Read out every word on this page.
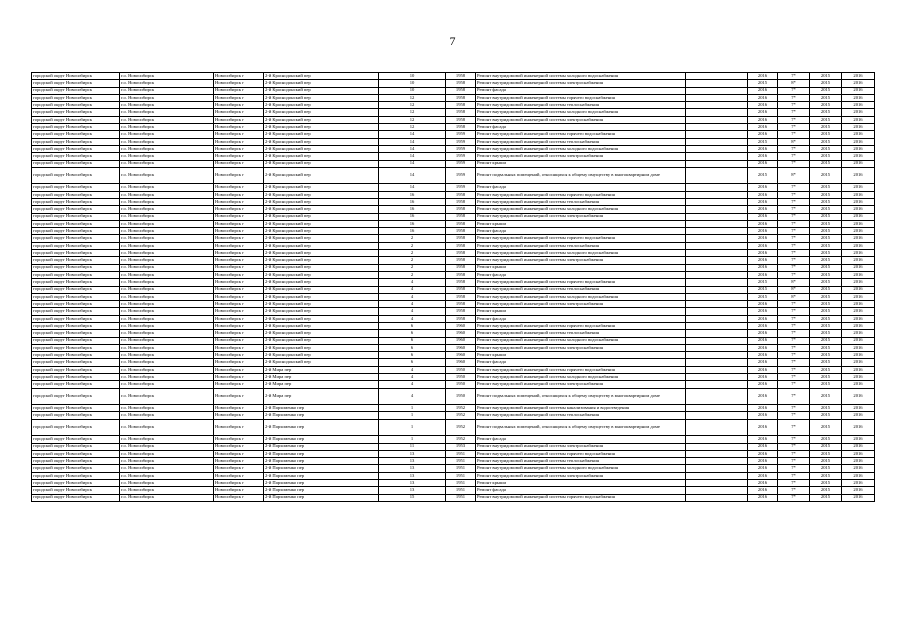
7
городской округ Новосибирск	г.о. Новосибирск	Новосибирск г	2-й Краснодонский пер	10	1958	Ремонт внутридомовой инженерной системы холодного водоснабжения		2016	7*	2015	2016
городской округ Новосибирск	г.о. Новосибирск	Новосибирск г	2-й Краснодонский пер	10	1958	Ремонт внутридомовой инженерной системы электроснабжения		2015	8*	2015	2016
городской округ Новосибирск	г.о. Новосибирск	Новосибирск г	2-й Краснодонский пер	10	1958	Ремонт фасада		2016	7*	2015	2016
городской округ Новосибирск	г.о. Новосибирск	Новосибирск г	2-й Краснодонский пер	12	1958	Ремонт внутридомовой инженерной системы горячего водоснабжения		2016	7*	2015	2016
городской округ Новосибирск	г.о. Новосибирск	Новосибирск г	2-й Краснодонский пер	12	1958	Ремонт внутридомовой инженерной системы теплоснабжения		2016	7*	2015	2016
городской округ Новосибирск	г.о. Новосибирск	Новосибирск г	2-й Краснодонский пер	12	1958	Ремонт внутридомовой инженерной системы холодного водоснабжения		2016	7*	2015	2016
городской округ Новосибирск	г.о. Новосибирск	Новосибирск г	2-й Краснодонский пер	12	1958	Ремонт внутридомовой инженерной системы электроснабжения		2016	7*	2015	2016
городской округ Новосибирск	г.о. Новосибирск	Новосибирск г	2-й Краснодонский пер	12	1958	Ремонт фасада		2016	7*	2015	2016
городской округ Новосибирск	г.о. Новосибирск	Новосибирск г	2-й Краснодонский пер	14	1959	Ремонт внутридомовой инженерной системы горячего водоснабжения		2016	7*	2015	2016
городской округ Новосибирск	г.о. Новосибирск	Новосибирск г	2-й Краснодонский пер	14	1959	Ремонт внутридомовой инженерной системы теплоснабжения		2015	8*	2015	2016
городской округ Новосибирск	г.о. Новосибирск	Новосибирск г	2-й Краснодонский пер	14	1959	Ремонт внутридомовой инженерной системы холодного водоснабжения		2016	7*	2015	2016
городской округ Новосибирск	г.о. Новосибирск	Новосибирск г	2-й Краснодонский пер	14	1959	Ремонт внутридомовой инженерной системы электроснабжения		2016	7*	2015	2016
городской округ Новосибирск	г.о. Новосибирск	Новосибирск г	2-й Краснодонский пер	14	1959	Ремонт крыши		2016	7*	2015	2016
городской округ Новосибирск	г.о. Новосибирск	Новосибирск г	2-й Краснодонский пер	14	1959	Ремонт подвальных помещений, относящихся к общему имуществу в многоквартирном доме		2015	8*	2015	2016
городской округ Новосибирск	г.о. Новосибирск	Новосибирск г	2-й Краснодонский пер	14	1959	Ремонт фасада		2016	7*	2015	2016
городской округ Новосибирск	г.о. Новосибирск	Новосибирск г	2-й Краснодонский пер	16	1958	Ремонт внутридомовой инженерной системы горячего водоснабжения		2016	7*	2015	2016
городской округ Новосибирск	г.о. Новосибирск	Новосибирск г	2-й Краснодонский пер	16	1958	Ремонт внутридомовой инженерной системы теплоснабжения		2016	7*	2015	2016
городской округ Новосибирск	г.о. Новосибирск	Новосибирск г	2-й Краснодонский пер	16	1958	Ремонт внутридомовой инженерной системы холодного водоснабжения		2016	7*	2015	2016
городской округ Новосибирск	г.о. Новосибирск	Новосибирск г	2-й Краснодонский пер	16	1958	Ремонт внутридомовой инженерной системы электроснабжения		2016	7*	2015	2016
городской округ Новосибирск	г.о. Новосибирск	Новосибирск г	2-й Краснодонский пер	16	1958	Ремонт крыши		2016	7*	2015	2016
городской округ Новосибирск	г.о. Новосибирск	Новосибирск г	2-й Краснодонский пер	16	1958	Ремонт фасада		2016	7*	2015	2016
городской округ Новосибирск	г.о. Новосибирск	Новосибирск г	2-й Краснодонский пер	2	1958	Ремонт внутридомовой инженерной системы горячего водоснабжения		2016	7*	2015	2016
городской округ Новосибирск	г.о. Новосибирск	Новосибирск г	2-й Краснодонский пер	2	1958	Ремонт внутридомовой инженерной системы теплоснабжения		2016	7*	2015	2016
городской округ Новосибирск	г.о. Новосибирск	Новосибирск г	2-й Краснодонский пер	2	1958	Ремонт внутридомовой инженерной системы холодного водоснабжения		2016	7*	2015	2016
городской округ Новосибирск	г.о. Новосибирск	Новосибирск г	2-й Краснодонский пер	2	1958	Ремонт внутридомовой инженерной системы электроснабжения		2016	7*	2015	2016
городской округ Новосибирск	г.о. Новосибирск	Новосибирск г	2-й Краснодонский пер	2	1958	Ремонт крыши		2016	7*	2015	2016
городской округ Новосибирск	г.о. Новосибирск	Новосибирск г	2-й Краснодонский пер	2	1958	Ремонт фасада		2016	7*	2015	2016
городской округ Новосибирск	г.о. Новосибирск	Новосибирск г	2-й Краснодонский пер	4	1958	Ремонт внутридомовой инженерной системы горячего водоснабжения		2015	8*	2015	2016
городской округ Новосибирск	г.о. Новосибирск	Новосибирск г	2-й Краснодонский пер	4	1958	Ремонт внутридомовой инженерной системы теплоснабжения		2015	8*	2015	2016
городской округ Новосибирск	г.о. Новосибирск	Новосибирск г	2-й Краснодонский пер	4	1958	Ремонт внутридомовой инженерной системы холодного водоснабжения		2015	8*	2015	2016
городской округ Новосибирск	г.о. Новосибирск	Новосибирск г	2-й Краснодонский пер	4	1958	Ремонт внутридомовой инженерной системы электроснабжения		2016	7*	2015	2016
городской округ Новосибирск	г.о. Новосибирск	Новосибирск г	2-й Краснодонский пер	4	1958	Ремонт крыши		2016	7*	2015	2016
городской округ Новосибирск	г.о. Новосибирск	Новосибирск г	2-й Краснодонский пер	4	1958	Ремонт фасада		2016	7*	2015	2016
городской округ Новосибирск	г.о. Новосибирск	Новосибирск г	2-й Краснодонский пер	6	1960	Ремонт внутридомовой инженерной системы горячего водоснабжения		2016	7*	2015	2016
городской округ Новосибирск	г.о. Новосибирск	Новосибирск г	2-й Краснодонский пер	6	1960	Ремонт внутридомовой инженерной системы теплоснабжения		2016	7*	2015	2016
городской округ Новосибирск	г.о. Новосибирск	Новосибирск г	2-й Краснодонский пер	6	1960	Ремонт внутридомовой инженерной системы холодного водоснабжения		2016	7*	2015	2016
городской округ Новосибирск	г.о. Новосибирск	Новосибирск г	2-й Краснодонский пер	6	1960	Ремонт внутридомовой инженерной системы электроснабжения		2016	7*	2015	2016
городской округ Новосибирск	г.о. Новосибирск	Новосибирск г	2-й Краснодонский пер	6	1960	Ремонт крыши		2016	7*	2015	2016
городской округ Новосибирск	г.о. Новосибирск	Новосибирск г	2-й Краснодонский пер	6	1960	Ремонт фасада		2016	7*	2015	2016
городской округ Новосибирск	г.о. Новосибирск	Новосибирск г	2-й Мира пер	4	1950	Ремонт внутридомовой инженерной системы горячего водоснабжения		2016	7*	2015	2016
городской округ Новосибирск	г.о. Новосибирск	Новосибирск г	2-й Мира пер	4	1950	Ремонт внутридомовой инженерной системы холодного водоснабжения		2016	7*	2015	2016
городской округ Новосибирск	г.о. Новосибирск	Новосибирск г	2-й Мира пер	4	1950	Ремонт внутридомовой инженерной системы электроснабжения		2016	7*	2015	2016
городской округ Новосибирск	г.о. Новосибирск	Новосибирск г	2-й Мира пер	4	1950	Ремонт подвальных помещений, относящихся к общему имуществу в многоквартирном доме		2016	7*	2015	2016
городской округ Новосибирск	г.о. Новосибирск	Новосибирск г	2-й Пархоменко пер	1	1952	Ремонт внутридомовой инженерной системы канализования и водоотведения		2016	7*	2015	2016
городской округ Новосибирск	г.о. Новосибирск	Новосибирск г	2-й Пархоменко пер	1	1952	Ремонт внутридомовой инженерной системы теплоснабжения		2016	7*	2015	2016
городской округ Новосибирск	г.о. Новосибирск	Новосибирск г	2-й Пархоменко пер	1	1952	Ремонт подвальных помещений, относящихся к общему имуществу в многоквартирном доме		2016	7*	2015	2016
городской округ Новосибирск	г.о. Новосибирск	Новосибирск г	2-й Пархоменко пер	1	1952	Ремонт фасада		2016	7*	2015	2016
городской округ Новосибирск	г.о. Новосибирск	Новосибирск г	2-й Пархоменко пер	11	1953	Ремонт внутридомовой инженерной системы электроснабжения		2016	7*	2015	2016
городской округ Новосибирск	г.о. Новосибирск	Новосибирск г	2-й Пархоменко пер	13	1951	Ремонт внутридомовой инженерной системы горячего водоснабжения		2016	7*	2015	2016
городской округ Новосибирск	г.о. Новосибирск	Новосибирск г	2-й Пархоменко пер	13	1951	Ремонт внутридомовой инженерной системы теплоснабжения		2016	7*	2015	2016
городской округ Новосибирск	г.о. Новосибирск	Новосибирск г	2-й Пархоменко пер	13	1951	Ремонт внутридомовой инженерной системы холодного водоснабжения		2016	7*	2015	2016
городской округ Новосибирск	г.о. Новосибирск	Новосибирск г	2-й Пархоменко пер	13	1951	Ремонт внутридомовой инженерной системы электроснабжения		2016	7*	2015	2016
городской округ Новосибирск	г.о. Новосибирск	Новосибирск г	2-й Пархоменко пер	13	1951	Ремонт крыши		2016	7*	2015	2016
городской округ Новосибирск	г.о. Новосибирск	Новосибирск г	2-й Пархоменко пер	13	1951	Ремонт фасада		2016	7*	2015	2016
городской округ Новосибирск	г.о. Новосибирск	Новосибирск г	2-й Пархоменко пер	15	1951	Ремонт внутридомовой инженерной системы горячего водоснабжения		2016	7*	2015	2016
